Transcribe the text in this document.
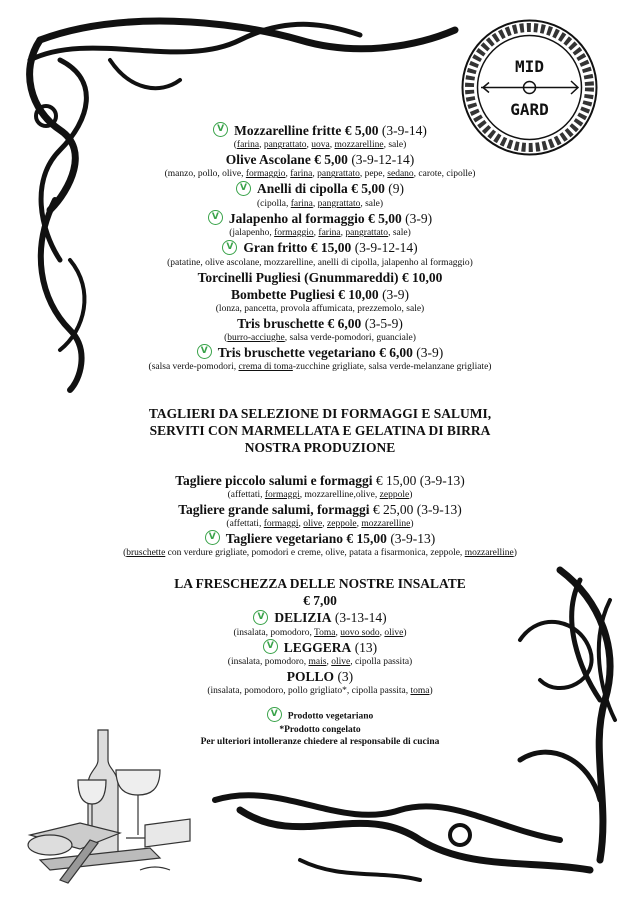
MID
GARD

V Mozzarelline fritte € 5,00 (3-9-14)

(farina, pangrattato, uova, mozzarelline, sale)

Olive Ascolane € 5,00 (3-9-12-14)

(manzo, pollo, olive, formaggio, farina, pangrattato, pepe, sedano, carote, cipolle)

V Anelli di cipolla € 5,00 (9)

(cipolla, farina, pangrattato, sale)

V Jalapenho al formaggio € 5,00 (3-9)

(jalapenho, formaggio, farina, pangrattato, sale)

V Gran fritto € 15,00 (3-9-12-14)

(patatine, olive ascolane, mozzarelline, anelli di cipolla, jalapenho al formaggio)

Torcinelli Pugliesi (Gnummareddi) € 10,00

Bombette Pugliesi € 10,00 (3-9)

(lonza, pancetta, provola affumicata, prezzemolo, sale)

Tris bruschette € 6,00 (3-5-9)

(burro-acciughe, salsa verde-pomodori, guanciale)

V Tris bruschette vegetariano € 6,00 (3-9)

(salsa verde-pomodori, crema di toma-zucchine grigliate, salsa verde-melanzane grigliate)

TAGLIERI DA SELEZIONE DI FORMAGGI E SALUMI,

SERVITI CON MARMELLATA E GELATINA DI BIRRA

NOSTRA PRODUZIONE

Tagliere piccolo salumi e formaggi € 15,00 (3-9-13)

(affettati, formaggi, mozzarelline,olive, zeppole)

Tagliere grande salumi, formaggi € 25,00 (3-9-13)

(affettati, formaggi, olive, zeppole, mozzarelline)

V Tagliere vegetariano € 15,00 (3-9-13)

(bruschette con verdure grigliate, pomodori e creme, olive, patata a fisarmonica, zeppole, mozzarelline)

LA FRESCHEZZA DELLE NOSTRE INSALATE

€ 7,00

V DELIZIA (3-13-14)

(insalata, pomodoro, Toma, uovo sodo, olive)

V LEGGERA (13)

(insalata, pomodoro, mais, olive, cipolla passita)

POLLO (3)

(insalata, pomodoro, pollo grigliato*, cipolla passita, toma)

V Prodotto vegetariano

*Prodotto congelato

Per ulteriori intolleranze chiedere al responsabile di cucina
